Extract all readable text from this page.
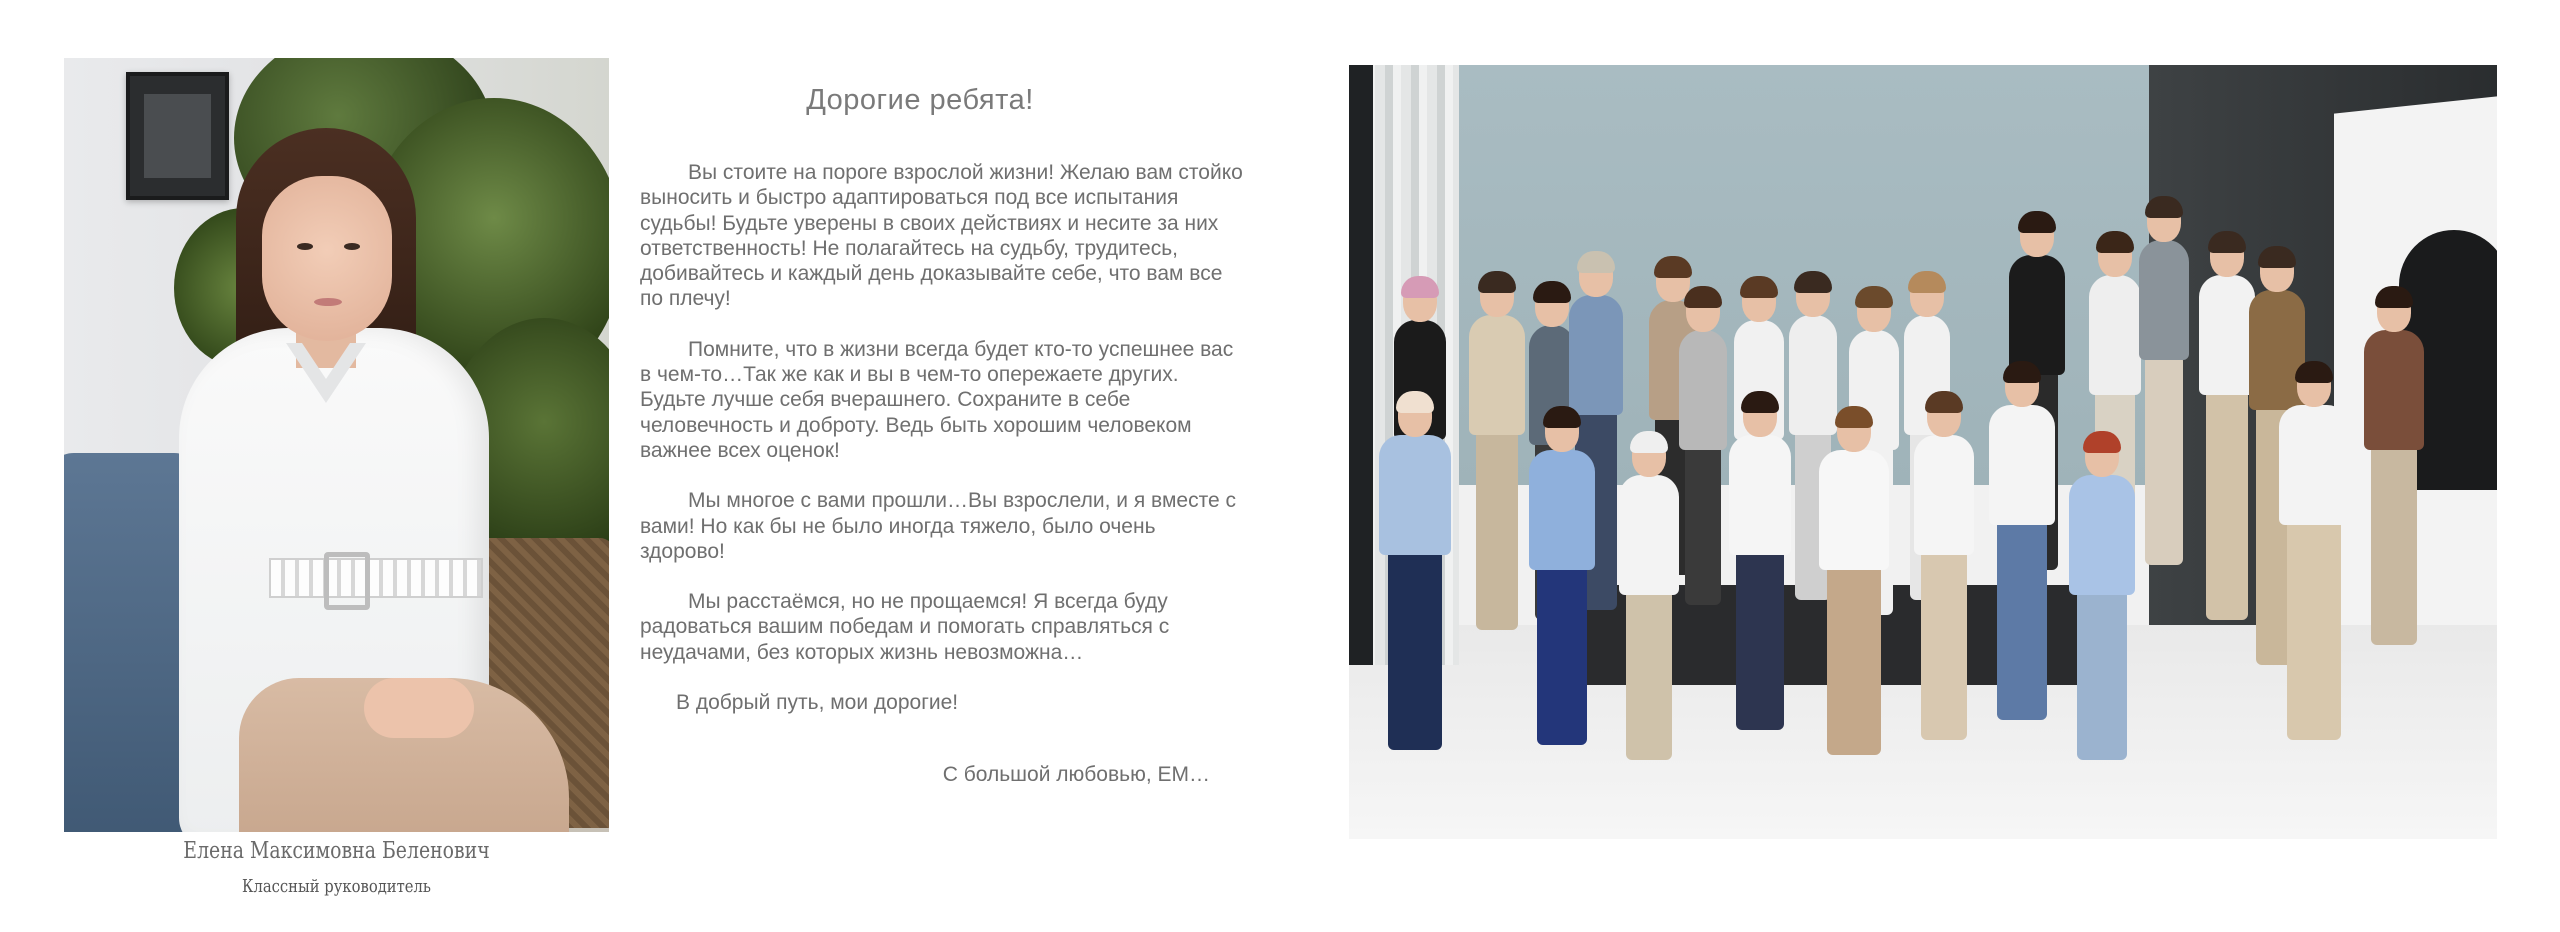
Елена Максимовна Беленович
Классный руководитель
Дорогие ребята!

Вы стоите на пороге взрослой жизни! Желаю вам стойко выносить и быстро адаптироваться под все испытания судьбы! Будьте уверены в своих действиях и несите за них ответственность! Не полагайтесь на судьбу, трудитесь, добивайтесь и каждый день доказывайте себе, что вам все по плечу!

Помните, что в жизни всегда будет кто-то успешнее вас в чем-то…Так же как и вы в чем-то опережаете других. Будьте лучше себя вчерашнего. Сохраните в себе человечность и доброту. Ведь быть хорошим человеком важнее всех оценок!

Мы многое с вами прошли…Вы взрослели, и я вместе с вами! Но как бы не было иногда тяжело, было очень здорово!

Мы расстаёмся, но не прощаемся! Я всегда буду радоваться вашим победам и помогать справляться с неудачами, без которых жизнь невозможна…

В добрый путь, мои дорогие!

С большой любовью, ЕМ…
